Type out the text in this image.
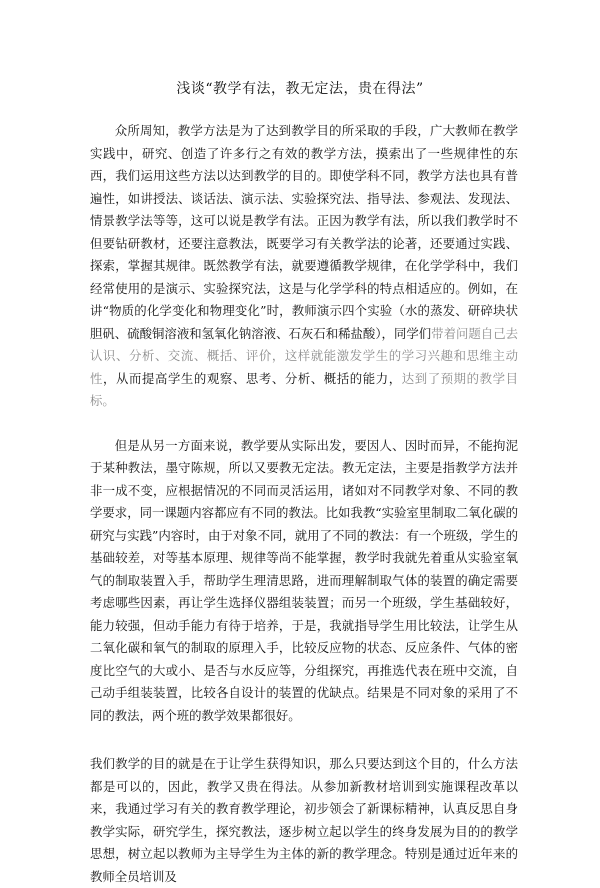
浅谈“教学有法，教无定法，贵在得法”

众所周知，教学方法是为了达到教学目的所采取的手段，广大教师在教学实践中，研究、创造了许多行之有效的教学方法，摸索出了一些规律性的东西，我们运用这些方法以达到教学的目的。即使学科不同，教学方法也具有普遍性，如讲授法、谈话法、演示法、实验探究法、指导法、参观法、发现法、情景教学法等等，这可以说是教学有法。正因为教学有法，所以我们教学时不但要钻研教材，还要注意教法，既要学习有关教学法的论著，还要通过实践、探索，掌握其规律。既然教学有法，就要遵循教学规律，在化学学科中，我们经常使用的是演示、实验探究法，这是与化学学科的特点相适应的。例如，在讲“物质的化学变化和物理变化”时，教师演示四个实验（水的蒸发、研碎块状胆矾、硫酸铜溶液和氢氧化钠溶液、石灰石和稀盐酸），同学们带着问题自己去认识、分析、交流、概括、评价，这样就能激发学生的学习兴趣和思维主动性，从而提高学生的观察、思考、分析、概括的能力，达到了预期的教学目标。

但是从另一方面来说，教学要从实际出发，要因人、因时而异，不能拘泥于某种教法，墨守陈规，所以又要教无定法。教无定法，主要是指教学方法并非一成不变，应根据情况的不同而灵活运用，诸如对不同教学对象、不同的教学要求，同一课题内容都应有不同的教法。比如我教“实验室里制取二氧化碳的研究与实践”内容时，由于对象不同，就用了不同的教法：有一个班级，学生的基础较差，对等基本原理、规律等尚不能掌握，教学时我就先着重从实验室氧气的制取装置入手，帮助学生理清思路，进而理解制取气体的装置的确定需要考虑哪些因素，再让学生选择仪器组装装置；而另一个班级，学生基础较好，能力较强，但动手能力有待于培养，于是，我就指导学生用比较法，让学生从二氧化碳和氧气的制取的原理入手，比较反应物的状态、反应条件、气体的密度比空气的大或小、是否与水反应等，分组探究，再推选代表在班中交流，自己动手组装装置，比较各自设计的装置的优缺点。结果是不同对象的采用了不同的教法，两个班的教学效果都很好。

我们教学的目的就是在于让学生获得知识，那么只要达到这个目的，什么方法都是可以的，因此，教学又贵在得法。从参加新教材培训到实施课程改革以来，我通过学习有关的教育教学理论，初步领会了新课标精神，认真反思自身教学实际，研究学生，探究教法，逐步树立起以学生的终身发展为目的的教学思想，树立起以教师为主导学生为主体的新的教学理念。特别是通过近年来的教师全员培训及
